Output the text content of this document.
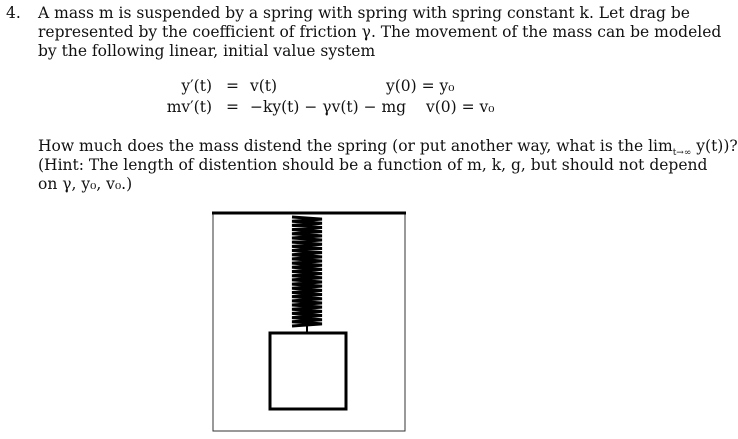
4. A mass m is suspended by a spring with spring with spring constant k. Let drag be
represented by the coefficient of friction γ. The movement of the mass can be modeled
by the following linear, initial value system
y′(t) = v(t)	y(0) = y₀
mv′(t) = −ky(t) − γv(t) − mg v(0) = v₀
How much does the mass distend the spring (or put another way, what is the $\lim_{t\to\infty} y(t)$)?
(Hint: The length of distention should be a function of m, k, g, but should not depend
on γ, y₀, v₀.)
